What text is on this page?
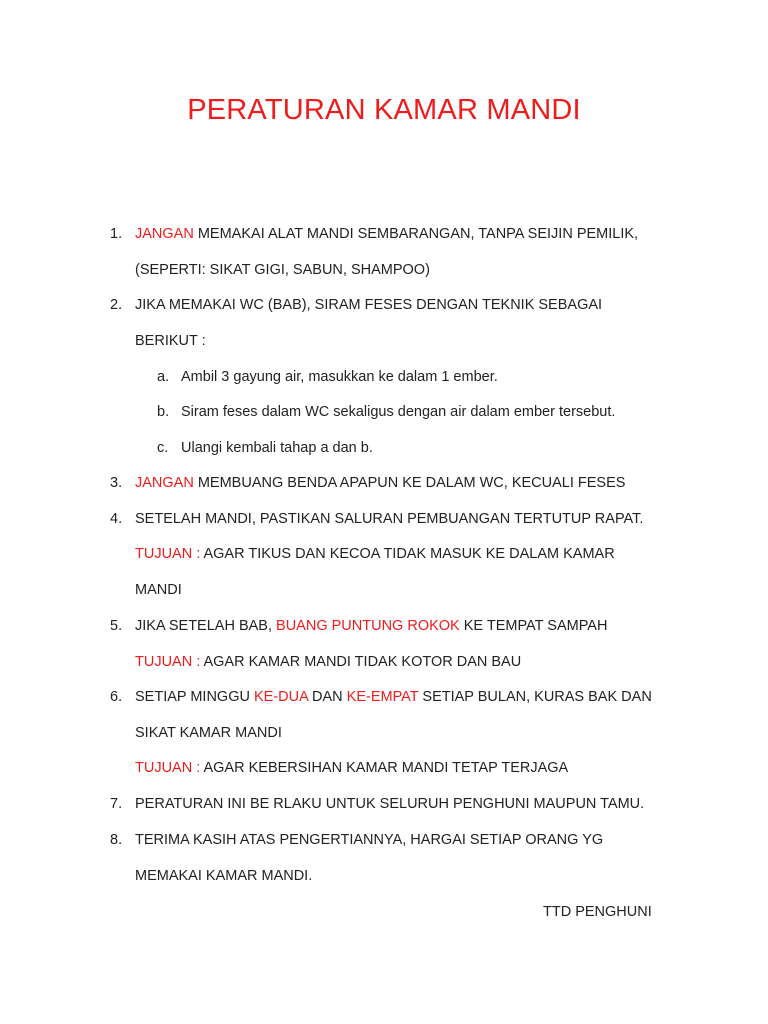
PERATURAN KAMAR MANDI
1. JANGAN MEMAKAI ALAT MANDI SEMBARANGAN, TANPA SEIJIN PEMILIK,
(SEPERTI: SIKAT GIGI, SABUN, SHAMPOO)
2. JIKA MEMAKAI WC (BAB), SIRAM FESES DENGAN TEKNIK SEBAGAI
BERIKUT :
a. Ambil 3 gayung air, masukkan ke dalam 1 ember.
b. Siram feses dalam WC sekaligus dengan air dalam ember tersebut.
c. Ulangi kembali tahap a dan b.
3. JANGAN MEMBUANG BENDA APAPUN KE DALAM WC, KECUALI FESES
4. SETELAH MANDI, PASTIKAN SALURAN PEMBUANGAN TERTUTUP RAPAT.
TUJUAN : AGAR TIKUS DAN KECOA TIDAK MASUK KE DALAM KAMAR
MANDI
5. JIKA SETELAH BAB, BUANG PUNTUNG ROKOK KE TEMPAT SAMPAH
TUJUAN : AGAR KAMAR MANDI TIDAK KOTOR DAN BAU
6. SETIAP MINGGU KE-DUA DAN KE-EMPAT SETIAP BULAN, KURAS BAK DAN
SIKAT KAMAR MANDI
TUJUAN : AGAR KEBERSIHAN KAMAR MANDI TETAP TERJAGA
7. PERATURAN INI BE RLAKU UNTUK SELURUH PENGHUNI MAUPUN TAMU.
8. TERIMA KASIH ATAS PENGERTIANNYA, HARGAI SETIAP ORANG YG
MEMAKAI KAMAR MANDI.
TTD PENGHUNI
